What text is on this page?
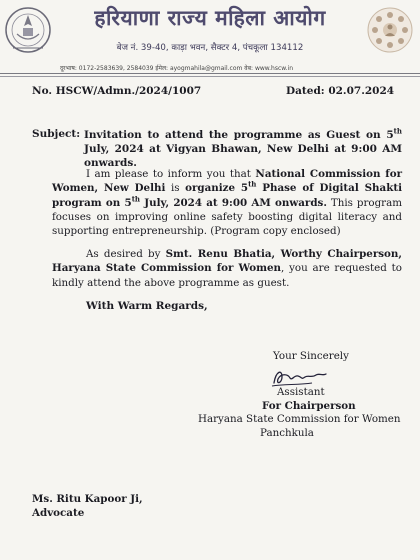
हरियाणा राज्य महिला आयोग
बेज नं. 39-40, काड़ा भवन, सैक्टर 4, पंचकूला 134112
दूरभाष: 0172-2583639, 2584039 ईमेल: ayogmahila@gmail.com वेब: www.hscw.in
No. HSCW/Admn./2024/1007	Dated: 02.07.2024
Subject: Invitation to attend the programme as Guest on 5th July, 2024 at Vigyan Bhawan, New Delhi at 9:00 AM onwards.
I am please to inform you that National Commission for Women, New Delhi is organize 5th Phase of Digital Shakti program on 5th July, 2024 at 9:00 AM onwards. This program focuses on improving online safety boosting digital literacy and supporting entrepreneurship. (Program copy enclosed)
As desired by Smt. Renu Bhatia, Worthy Chairperson, Haryana State Commission for Women, you are requested to kindly attend the above programme as guest.
With Warm Regards,
Your Sincerely
Assistant
For Chairperson
Haryana State Commission for Women
Panchkula
Ms. Ritu Kapoor Ji,
Advocate
